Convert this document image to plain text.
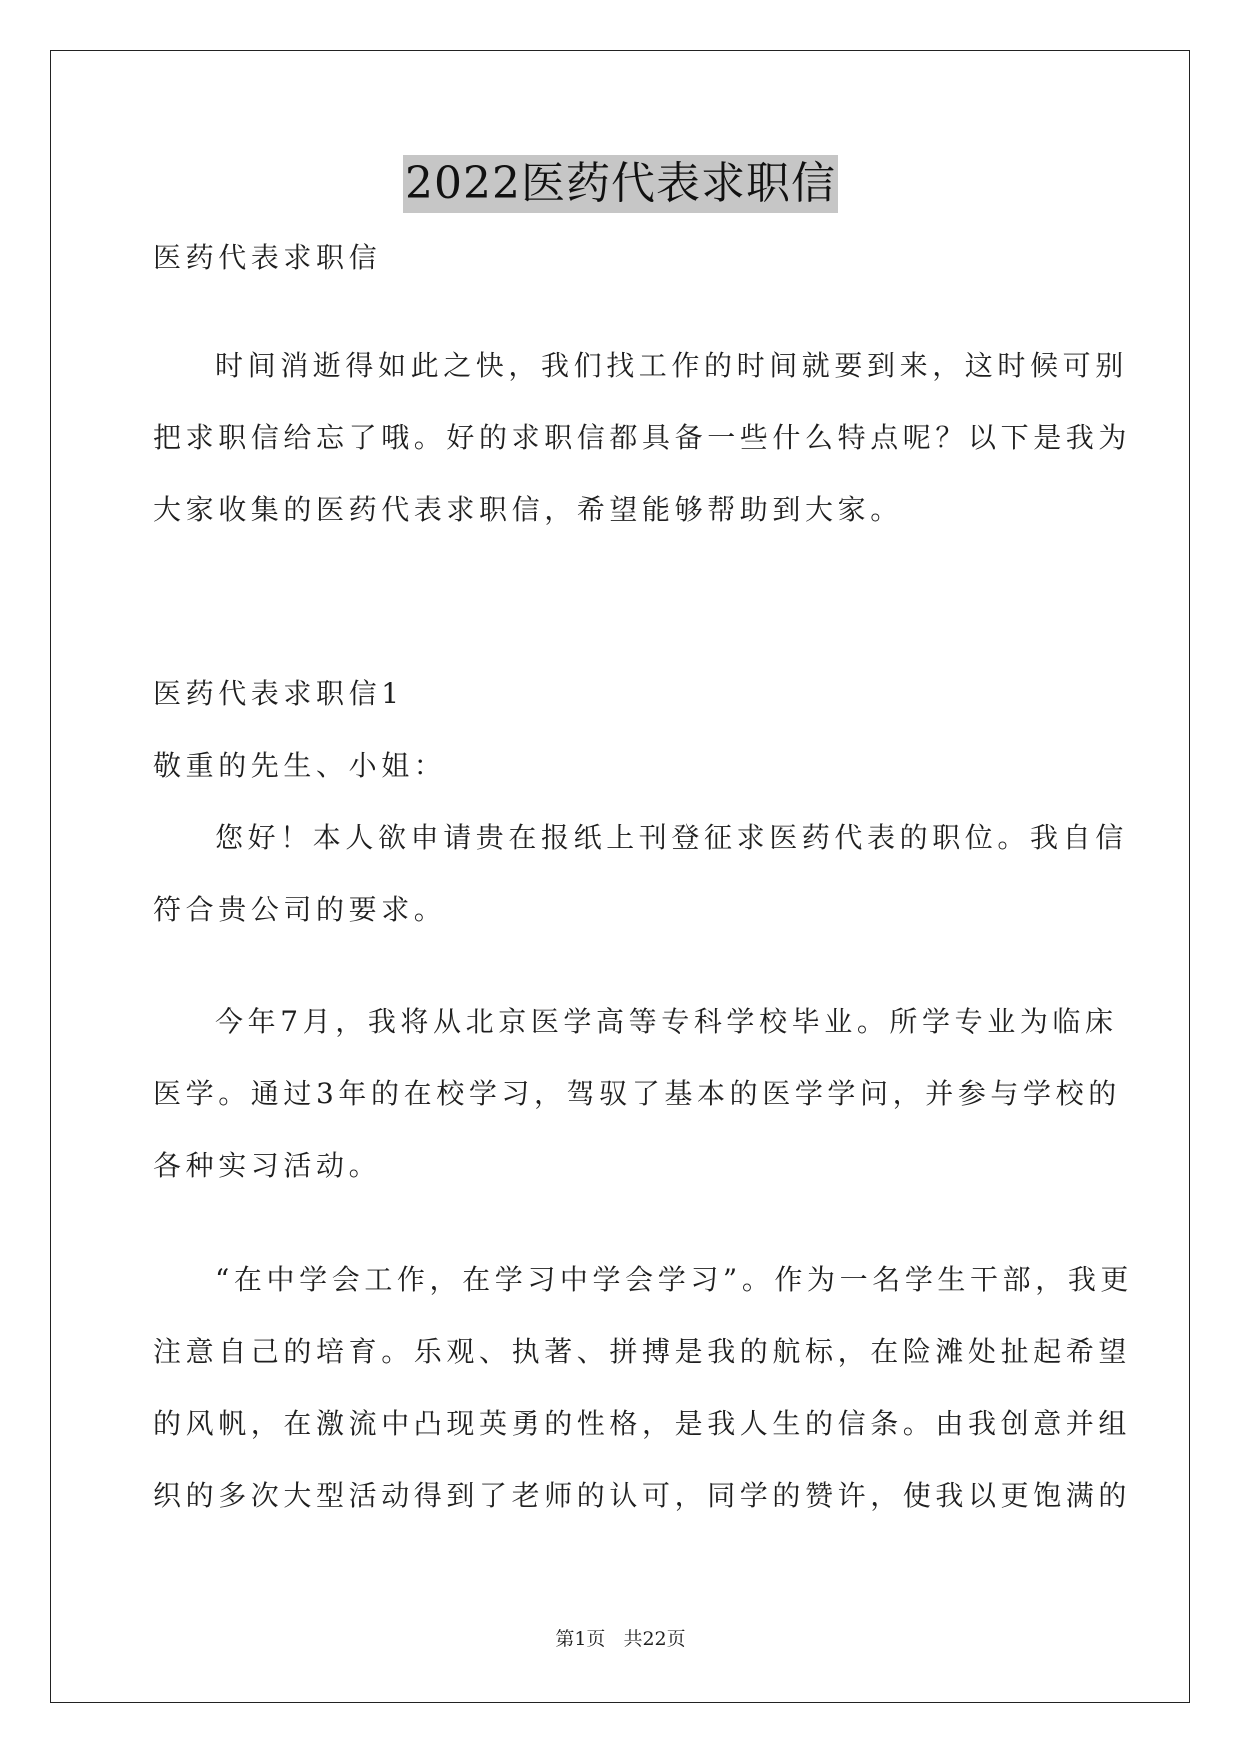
2022医药代表求职信
医药代表求职信
时间消逝得如此之快，我们找工作的时间就要到来，这时候可别
把求职信给忘了哦。好的求职信都具备一些什么特点呢？以下是我为
大家收集的医药代表求职信，希望能够帮助到大家。
医药代表求职信1
敬重的先生、小姐：
您好！本人欲申请贵在报纸上刊登征求医药代表的职位。我自信
符合贵公司的要求。
今年7月，我将从北京医学高等专科学校毕业。所学专业为临床
医学。通过3年的在校学习，驾驭了基本的医学学问，并参与学校的
各种实习活动。
“在中学会工作，在学习中学会学习”。作为一名学生干部，我更
注意自己的培育。乐观、执著、拼搏是我的航标，在险滩处扯起希望
的风帆，在激流中凸现英勇的性格，是我人生的信条。由我创意并组
织的多次大型活动得到了老师的认可，同学的赞许，使我以更饱满的
第1页 共22页
